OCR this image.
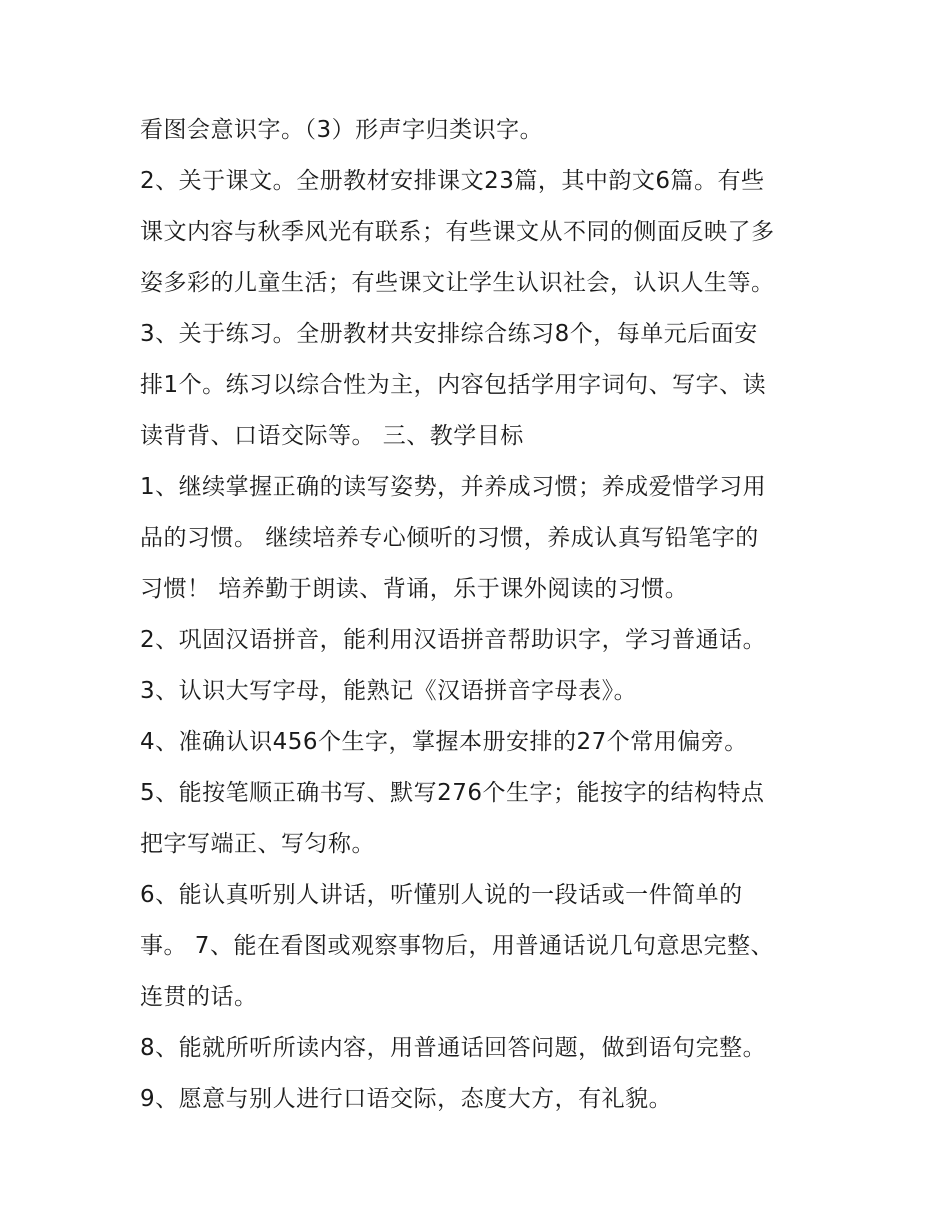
看图会意识字。（3）形声字归类识字。
2、关于课文。全册教材安排课文23篇，其中韵文6篇。有些
课文内容与秋季风光有联系；有些课文从不同的侧面反映了多
姿多彩的儿童生活；有些课文让学生认识社会，认识人生等。
3、关于练习。全册教材共安排综合练习8个，每单元后面安
排1个。练习以综合性为主，内容包括学用字词句、写字、读
读背背、口语交际等。 三、教学目标
1、继续掌握正确的读写姿势，并养成习惯；养成爱惜学习用
品的习惯。 继续培养专心倾听的习惯，养成认真写铅笔字的
习惯！ 培养勤于朗读、背诵，乐于课外阅读的习惯。
2、巩固汉语拼音，能利用汉语拼音帮助识字，学习普通话。
3、认识大写字母，能熟记《汉语拼音字母表》。
4、准确认识456个生字，掌握本册安排的27个常用偏旁。
5、能按笔顺正确书写、默写276个生字；能按字的结构特点
把字写端正、写匀称。
6、能认真听别人讲话，听懂别人说的一段话或一件简单的
事。 7、能在看图或观察事物后，用普通话说几句意思完整、
连贯的话。
8、能就所听所读内容，用普通话回答问题，做到语句完整。
9、愿意与别人进行口语交际，态度大方，有礼貌。
